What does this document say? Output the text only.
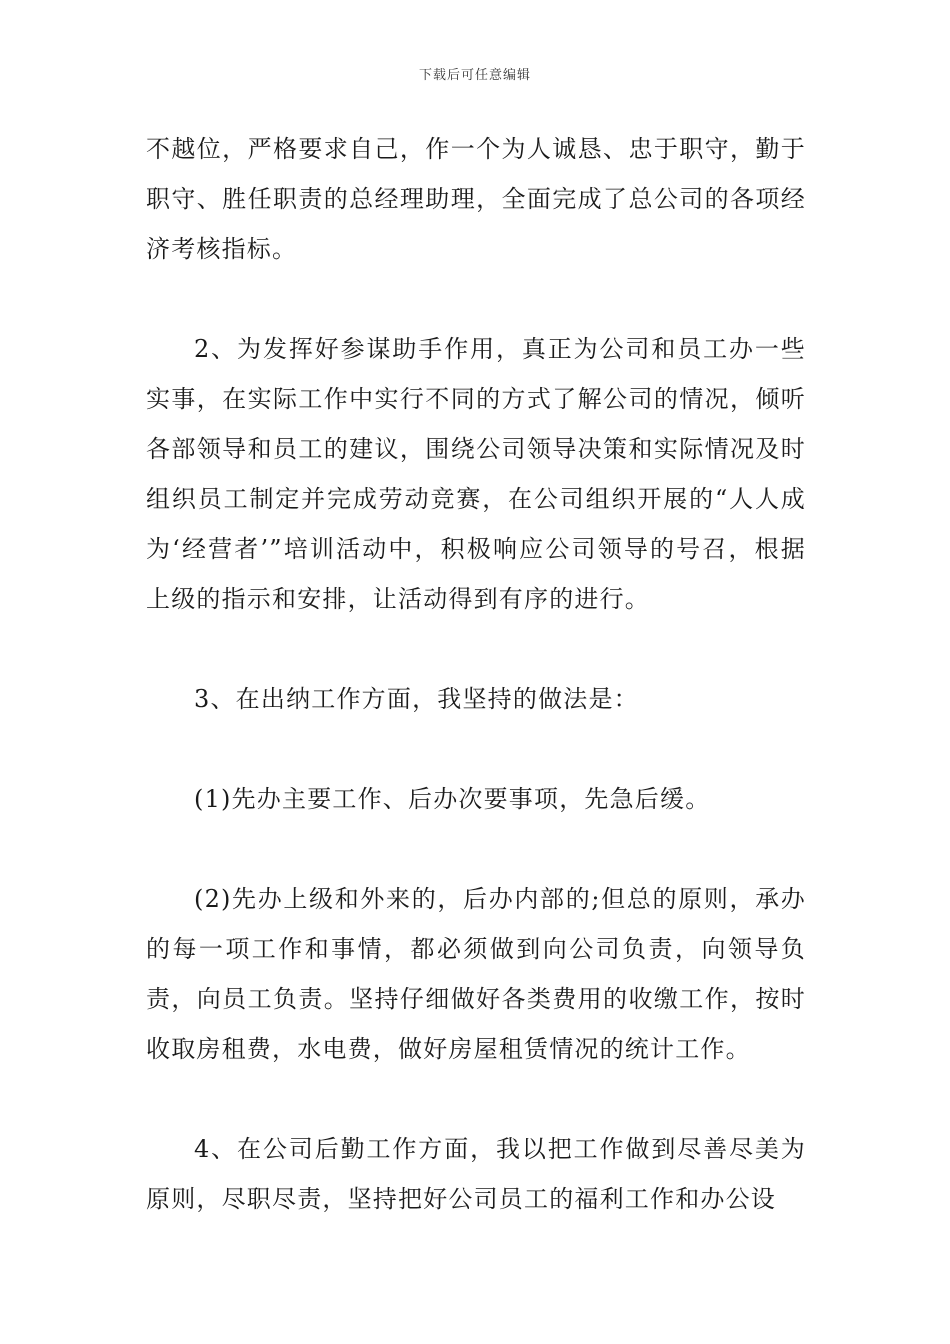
下载后可任意编辑

不越位，严格要求自己，作一个为人诚恳、忠于职守，勤于职守、胜任职责的总经理助理，全面完成了总公司的各项经济考核指标。

2、为发挥好参谋助手作用，真正为公司和员工办一些实事，在实际工作中实行不同的方式了解公司的情况，倾听各部领导和员工的建议，围绕公司领导决策和实际情况及时组织员工制定并完成劳动竞赛，在公司组织开展的“人人成为‘经营者’”培训活动中，积极响应公司领导的号召，根据上级的指示和安排，让活动得到有序的进行。

3、在出纳工作方面，我坚持的做法是：

(1)先办主要工作、后办次要事项，先急后缓。

(2)先办上级和外来的，后办内部的;但总的原则，承办的每一项工作和事情，都必须做到向公司负责，向领导负责，向员工负责。坚持仔细做好各类费用的收缴工作，按时收取房租费，水电费，做好房屋租赁情况的统计工作。

4、在公司后勤工作方面，我以把工作做到尽善尽美为原则，尽职尽责，坚持把好公司员工的福利工作和办公设
